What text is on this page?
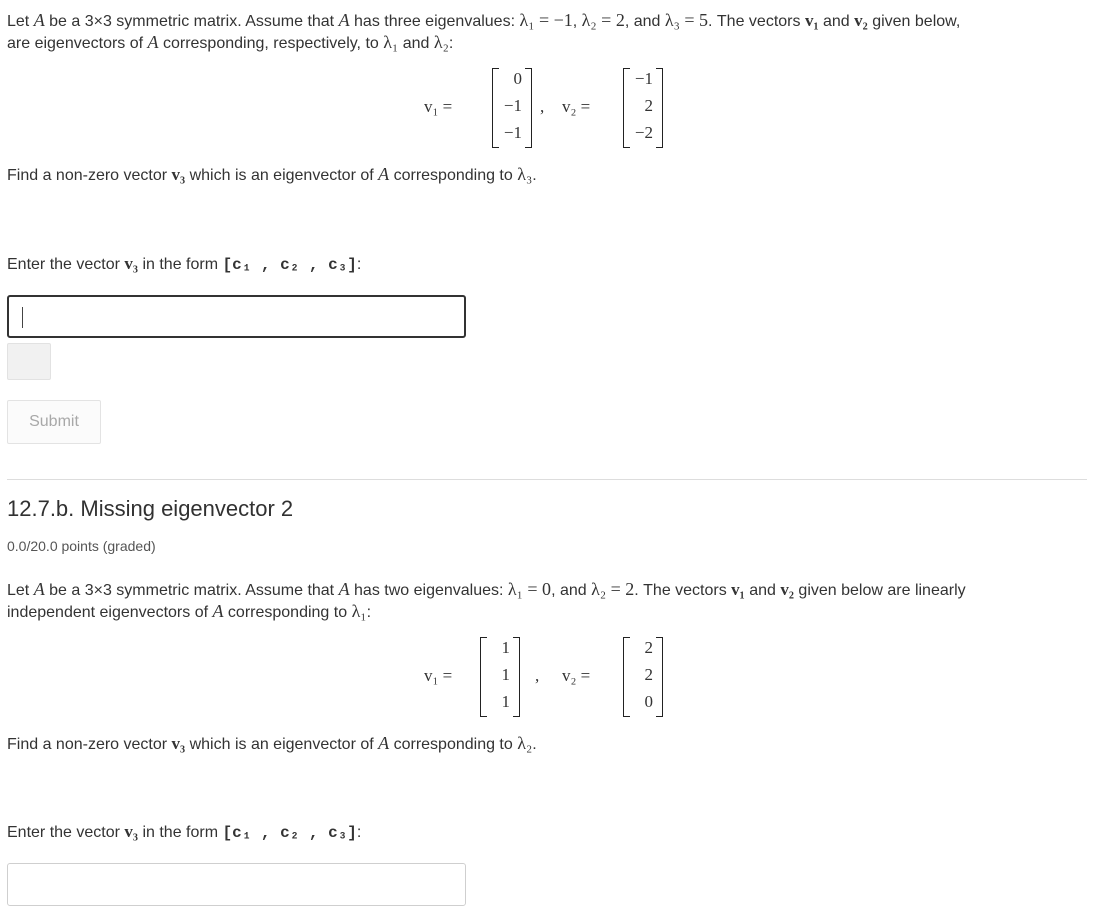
Let A be a 3×3 symmetric matrix. Assume that A has three eigenvalues: λ₁ = −1, λ₂ = 2, and λ₃ = 5. The vectors v₁ and v₂ given below,
are eigenvectors of A corresponding, respectively, to λ₁ and λ₂:
v₁ =
0
−1
−1
, v₂ =
−1
2
−2
Find a non-zero vector v₃ which is an eigenvector of A corresponding to λ₃.
Enter the vector v₃ in the form [c₁ , c₂ , c₃]:
Submit
12.7.b. Missing eigenvector 2
0.0/20.0 points (graded)
Let A be a 3×3 symmetric matrix. Assume that A has two eigenvalues: λ₁ = 0, and λ₂ = 2. The vectors v₁ and v₂ given below are linearly
independent eigenvectors of A corresponding to λ₁:
v₁ =
1
1
1
, v₂ =
2
2
0
Find a non-zero vector v₃ which is an eigenvector of A corresponding to λ₂.
Enter the vector v₃ in the form [c₁ , c₂ , c₃]:
